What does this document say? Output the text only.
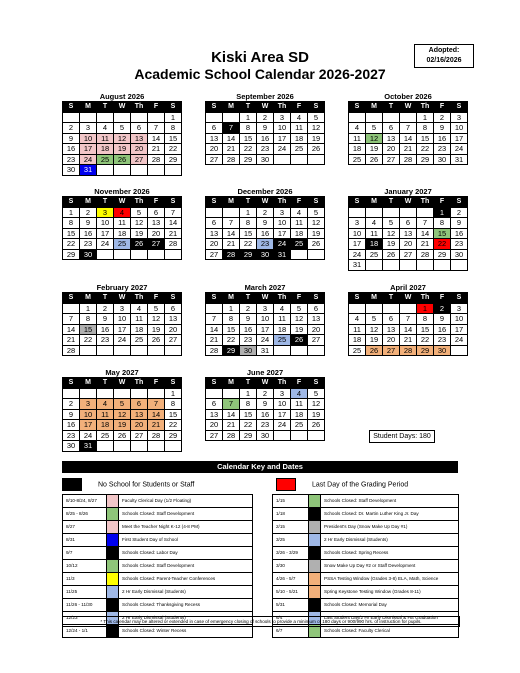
Kiski Area SD
Academic School Calendar 2026-2027
Adopted:
02/16/2026
August 2026
S	M	T	W	Th	F	S
						1
2	3	4	5	6	7	8
9	10	11	12	13	14	15
16	17	18	19	20	21	22
23	24	25	26	27	28	29
30	31					
September 2026
S	M	T	W	Th	F	S
		1	2	3	4	5
6	7	8	9	10	11	12
13	14	15	16	17	18	19
20	21	22	23	24	25	26
27	28	29	30			
October 2026
S	M	T	W	Th	F	S
				1	2	3
4	5	6	7	8	9	10
11	12	13	14	15	16	17
18	19	20	21	22	23	24
25	26	27	28	29	30	31
November 2026
S	M	T	W	Th	F	S
1	2	3	4	5	6	7
8	9	10	11	12	13	14
15	16	17	18	19	20	21
22	23	24	25	26	27	28
29	30					
December 2026
S	M	T	W	Th	F	S
		1	2	3	4	5
6	7	8	9	10	11	12
13	14	15	16	17	18	19
20	21	22	23	24	25	26
27	28	29	30	31		
January 2027
S	M	T	W	Th	F	S
					1	2
3	4	5	6	7	8	9
10	11	12	13	14	15	16
17	18	19	20	21	22	23
24	25	26	27	28	29	30
31						
February 2027
S	M	T	W	Th	F	S
	1	2	3	4	5	6
7	8	9	10	11	12	13
14	15	16	17	18	19	20
21	22	23	24	25	26	27
28						
March 2027
S	M	T	W	Th	F	S
	1	2	3	4	5	6
7	8	9	10	11	12	13
14	15	16	17	18	19	20
21	22	23	24	25	26	27
28	29	30	31			
April 2027
S	M	T	W	Th	F	S
				1	2	3
4	5	6	7	8	9	10
11	12	13	14	15	16	17
18	19	20	21	22	23	24
25	26	27	28	29	30	
May 2027
S	M	T	W	Th	F	S
						1
2	3	4	5	6	7	8
9	10	11	12	13	14	15
16	17	18	19	20	21	22
23	24	25	26	27	28	29
30	31					
June 2027
S	M	T	W	Th	F	S
		1	2	3	4	5
6	7	8	9	10	11	12
13	14	15	16	17	18	19
20	21	22	23	24	25	26
27	28	29	30				Student Days: 180
Calendar Key and Dates
No School for Students or Staff	Last Day of the Grading Period
8/10-8/24, 8/27		Faculty Clerical Day (1/2 Floating)
8/25 - 8/26		Schools Closed: Staff Development
8/27		Meet the Teacher Night K-12 (4-8 PM)
8/31		First Student Day of School
9/7		Schools Closed: Labor Day
10/12		Schools Closed: Staff Development
11/3		Schools Closed: Parent-Teacher Conferences
11/25		2 Hr Early Dismissal (Students)
11/26 - 11/30		Schools Closed: Thanksgiving Recess
12/23		2 Hr Early Dismissal (Students)
12/24 - 1/1		Schools Closed: Winter Recess
1/15		Schools Closed: Staff Development
1/18		Schools Closed: Dr. Martin Luther King Jr. Day
2/15		President's Day (Snow Make Up Day #1)
3/25		2 Hr Early Dismissal (Students)
3/26 - 3/29		Schools Closed: Spring Recess
3/30		Snow Make Up Day #2 or Staff Development
4/26 - 5/7		PSSA Testing Window (Grades 3-8) ELA, Math, Science
5/10 - 5/21		Spring Keystone Testing Window (Grades 8-11)
5/31		Schools Closed: Memorial Day
6/4		Last Student Day/2 Hr Early Dismissal & HS Graduation
6/7		Schools Closed: Faculty Clerical
* This calendar may be altered or extended in case of emergency closing of schools to provide a minimum of 180 days or 900/990 hrs. of instruction for pupils.
